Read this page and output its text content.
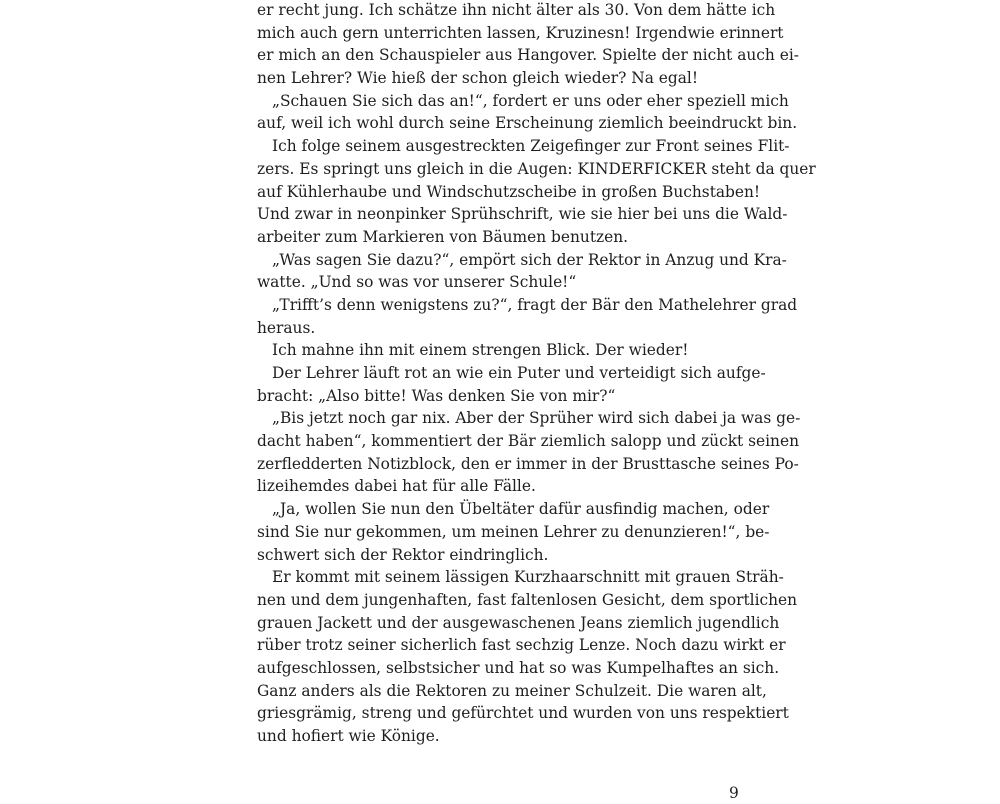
er recht jung. Ich schätze ihn nicht älter als 30. Von dem hätte ich
mich auch gern unterrichten lassen, Kruzinesn! Irgendwie erinnert
er mich an den Schauspieler aus Hangover. Spielte der nicht auch ei-
nen Lehrer? Wie hieß der schon gleich wieder? Na egal!
„Schauen Sie sich das an!“, fordert er uns oder eher speziell mich
auf, weil ich wohl durch seine Erscheinung ziemlich beeindruckt bin.
Ich folge seinem ausgestreckten Zeigefinger zur Front seines Flit-
zers. Es springt uns gleich in die Augen: KINDERFICKER steht da quer
auf Kühlerhaube und Windschutzscheibe in großen Buchstaben!
Und zwar in neonpinker Sprühschrift, wie sie hier bei uns die Wald-
arbeiter zum Markieren von Bäumen benutzen.
„Was sagen Sie dazu?“, empört sich der Rektor in Anzug und Kra-
watte. „Und so was vor unserer Schule!“
„Trifft’s denn wenigstens zu?“, fragt der Bär den Mathelehrer grad
heraus.
Ich mahne ihn mit einem strengen Blick. Der wieder!
Der Lehrer läuft rot an wie ein Puter und verteidigt sich aufge-
bracht: „Also bitte! Was denken Sie von mir?“
„Bis jetzt noch gar nix. Aber der Sprüher wird sich dabei ja was ge-
dacht haben“, kommentiert der Bär ziemlich salopp und zückt seinen
zerfledderten Notizblock, den er immer in der Brusttasche seines Po-
lizeihemdes dabei hat für alle Fälle.
„Ja, wollen Sie nun den Übeltäter dafür ausfindig machen, oder
sind Sie nur gekommen, um meinen Lehrer zu denunzieren!“, be-
schwert sich der Rektor eindringlich.
Er kommt mit seinem lässigen Kurzhaarschnitt mit grauen Sträh-
nen und dem jungenhaften, fast faltenlosen Gesicht, dem sportlichen
grauen Jackett und der ausgewaschenen Jeans ziemlich jugendlich
rüber trotz seiner sicherlich fast sechzig Lenze. Noch dazu wirkt er
aufgeschlossen, selbstsicher und hat so was Kumpelhaftes an sich.
Ganz anders als die Rektoren zu meiner Schulzeit. Die waren alt,
griesgrämig, streng und gefürchtet und wurden von uns respektiert
und hofiert wie Könige.
9
